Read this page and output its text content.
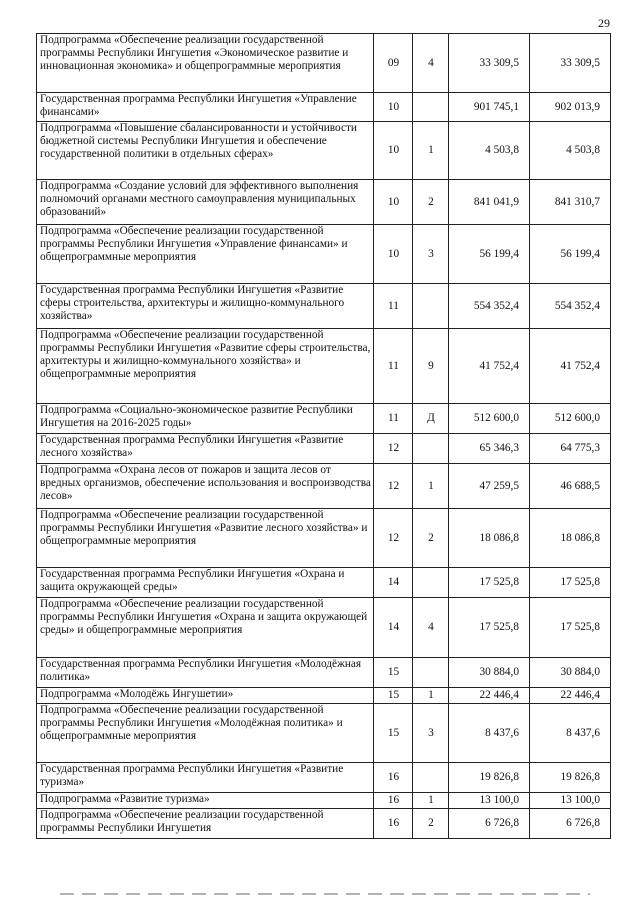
29
Подпрограмма «Обеспечение реализации государственной программы Республики Ингушетия «Экономическое развитие и инновационная экономика» и общепрограммные мероприятия	09	4	33 309,5	33 309,5
Государственная программа Республики Ингушетия «Управление финансами»	10		901 745,1	902 013,9
Подпрограмма «Повышение сбалансированности и устойчивости бюджетной системы Республики Ингушетия и обеспечение государственной политики в отдельных сферах»	10	1	4 503,8	4 503,8
Подпрограмма «Создание условий для эффективного выполнения полномочий органами местного самоуправления муниципальных образований»	10	2	841 041,9	841 310,7
Подпрограмма «Обеспечение реализации государственной программы Республики Ингушетия «Управление финансами» и общепрограммные мероприятия	10	3	56 199,4	56 199,4
Государственная программа Республики Ингушетия «Развитие сферы строительства, архитектуры и жилищно-коммунального хозяйства»	11		554 352,4	554 352,4
Подпрограмма «Обеспечение реализации государственной программы Республики Ингушетия «Развитие сферы строительства, архитектуры и жилищно-коммунального хозяйства» и общепрограммные мероприятия	11	9	41 752,4	41 752,4
Подпрограмма «Социально-экономическое развитие Республики Ингушетия на 2016-2025 годы»	11	Д	512 600,0	512 600,0
Государственная программа Республики Ингушетия «Развитие лесного хозяйства»	12		65 346,3	64 775,3
Подпрограмма «Охрана лесов от пожаров и защита лесов от вредных организмов, обеспечение использования и воспроизводства лесов»	12	1	47 259,5	46 688,5
Подпрограмма «Обеспечение реализации государственной программы Республики Ингушетия «Развитие лесного хозяйства» и общепрограммные мероприятия	12	2	18 086,8	18 086,8
Государственная программа Республики Ингушетия «Охрана и защита окружающей среды»	14		17 525,8	17 525,8
Подпрограмма «Обеспечение реализации государственной программы Республики Ингушетия «Охрана и защита окружающей среды» и общепрограммные мероприятия	14	4	17 525,8	17 525,8
Государственная программа Республики Ингушетия «Молодёжная политика»	15		30 884,0	30 884,0
Подпрограмма «Молодёжь Ингушетии»	15	1	22 446,4	22 446,4
Подпрограмма «Обеспечение реализации государственной программы Республики Ингушетия «Молодёжная политика» и общепрограммные мероприятия	15	3	8 437,6	8 437,6
Государственная программа Республики Ингушетия «Развитие туризма»	16		19 826,8	19 826,8
Подпрограмма «Развитие туризма»	16	1	13 100,0	13 100,0
Подпрограмма «Обеспечение реализации государственной программы Республики Ингушетия	16	2	6 726,8	6 726,8
